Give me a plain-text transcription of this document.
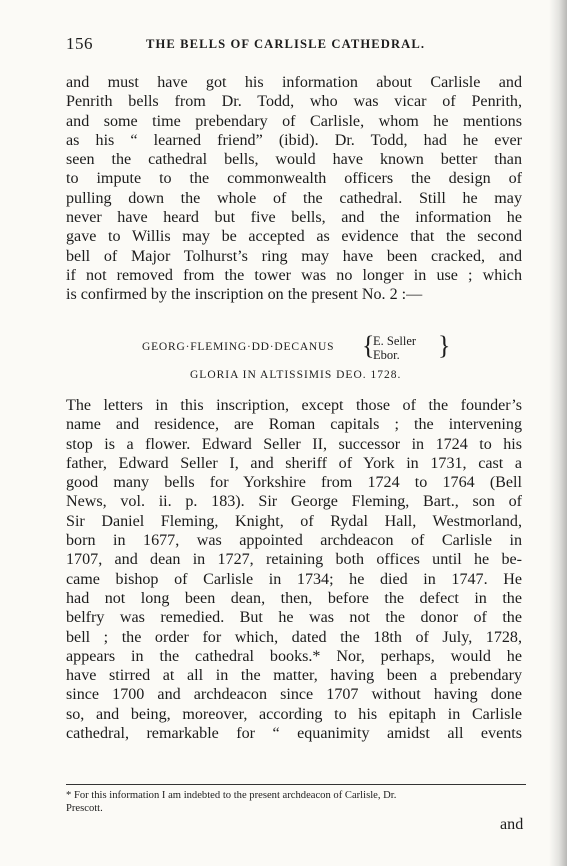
156	THE BELLS OF CARLISLE CATHEDRAL.
and must have got his information about Carlisle and
Penrith bells from Dr. Todd, who was vicar of Penrith,
and some time prebendary of Carlisle, whom he mentions
as his “ learned friend” (ibid). Dr. Todd, had he ever
seen the cathedral bells, would have known better than
to impute to the commonwealth officers the design of
pulling down the whole of the cathedral. Still he may
never have heard but five bells, and the information he
gave to Willis may be accepted as evidence that the second
bell of Major Tolhurst’s ring may have been cracked, and
if not removed from the tower was no longer in use ; which
is confirmed by the inscription on the present No. 2 :—
GEORG·FLEMING·DD·DECANUS {
E. Seller
Ebor. }
GLORIA IN ALTISSIMIS DEO. 1728.
The letters in this inscription, except those of the founder’s
name and residence, are Roman capitals ; the intervening
stop is a flower. Edward Seller II, successor in 1724 to his
father, Edward Seller I, and sheriff of York in 1731, cast a
good many bells for Yorkshire from 1724 to 1764 (Bell
News, vol. ii. p. 183). Sir George Fleming, Bart., son of
Sir Daniel Fleming, Knight, of Rydal Hall, Westmorland,
born in 1677, was appointed archdeacon of Carlisle in
1707, and dean in 1727, retaining both offices until he be-
came bishop of Carlisle in 1734; he died in 1747. He
had not long been dean, then, before the defect in the
belfry was remedied. But he was not the donor of the
bell ; the order for which, dated the 18th of July, 1728,
appears in the cathedral books.* Nor, perhaps, would he
have stirred at all in the matter, having been a prebendary
since 1700 and archdeacon since 1707 without having done
so, and being, moreover, according to his epitaph in Carlisle
cathedral, remarkable for “ equanimity amidst all events
* For this information I am indebted to the present archdeacon of Carlisle, Dr.
Prescott.
and
